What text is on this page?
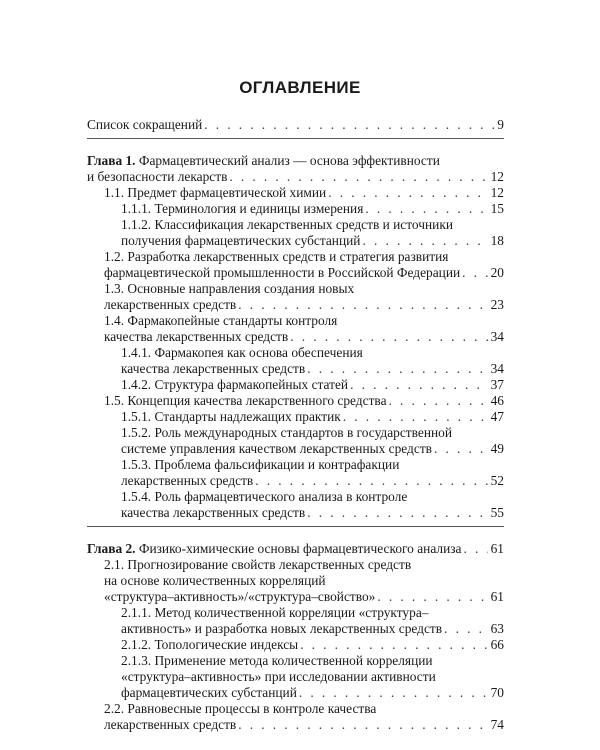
ОГЛАВЛЕНИЕ
Список сокращений . . .	9
Глава 1. Фармацевтический анализ — основа эффективности
и безопасности лекарств . . .	12
1.1. Предмет фармацевтической химии . . .	12
1.1.1. Терминология и единицы измерения . . .	15
1.1.2. Классификация лекарственных средств и источники
получения фармацевтических субстанций . . .	18
1.2. Разработка лекарственных средств и стратегия развития
фармацевтической промышленности в Российской Федерации . . . 20
1.3. Основные направления создания новых
лекарственных средств . . .	23
1.4. Фармакопейные стандарты контроля
качества лекарственных средств . . .	34
1.4.1. Фармакопея как основа обеспечения
качества лекарственных средств . . .	34
1.4.2. Структура фармакопейных статей . . .	37
1.5. Концепция качества лекарственного средства . . .	46
1.5.1. Стандарты надлежащих практик . . .	47
1.5.2. Роль международных стандартов в государственной
системе управления качеством лекарственных средств . . .	49
1.5.3. Проблема фальсификации и контрафакции
лекарственных средств . . .	52
1.5.4. Роль фармацевтического анализа в контроле
качества лекарственных средств . . .	55
Глава 2. Физико-химические основы фармацевтического анализа . . . 61
2.1. Прогнозирование свойств лекарственных средств
на основе количественных корреляций
«структура–активность»/«структура–свойство» . . .	61
2.1.1. Метод количественной корреляции «структура–
активность» и разработка новых лекарственных средств . . .	63
2.1.2. Топологические индексы . . .	66
2.1.3. Применение метода количественной корреляции
«структура–активность» при исследовании активности
фармацевтических субстанций . . .	70
2.2. Равновесные процессы в контроле качества
лекарственных средств . . .	74
